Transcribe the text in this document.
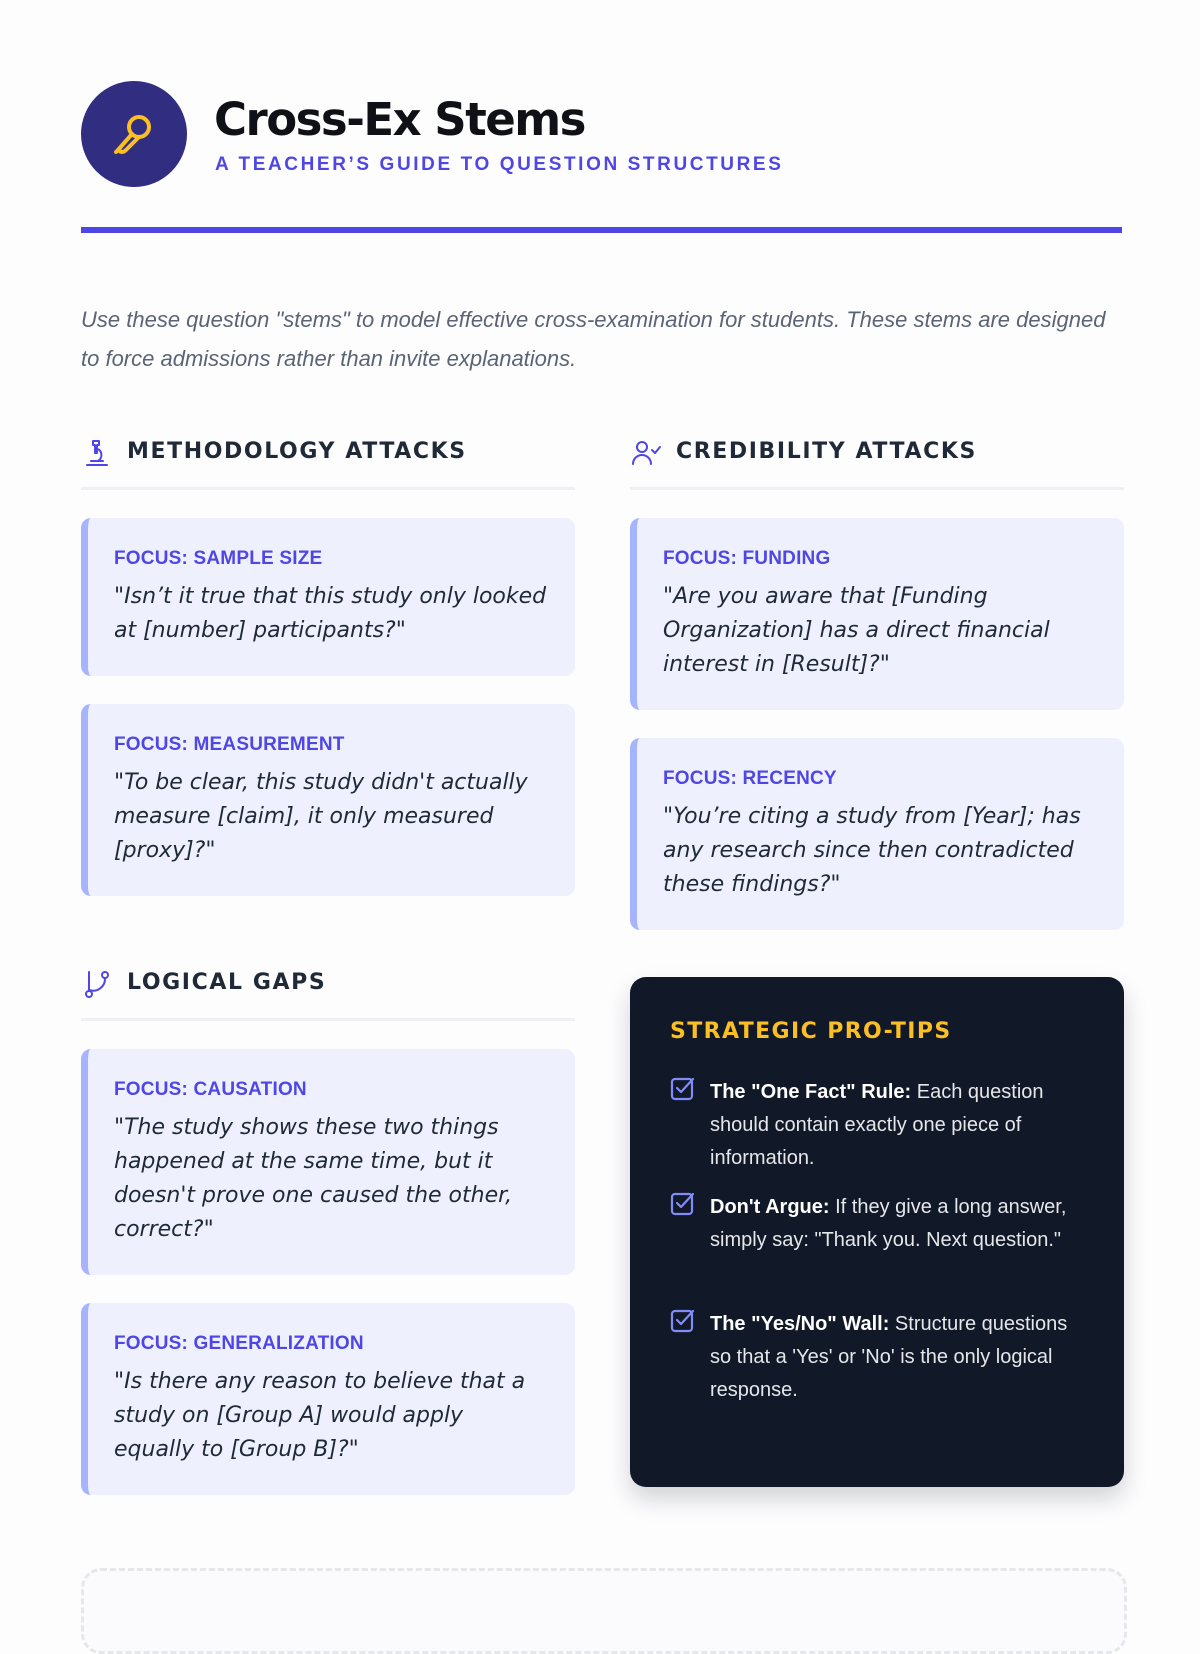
Cross-Ex Stems
A TEACHER’S GUIDE TO QUESTION STRUCTURES

Use these question "stems" to model effective cross-examination for students. These stems are designed to force admissions rather than invite explanations.

METHODOLOGY ATTACKS
FOCUS: SAMPLE SIZE
"Isn’t it true that this study only looked at [number] participants?"
FOCUS: MEASUREMENT
"To be clear, this study didn't actually measure [claim], it only measured [proxy]?"
CREDIBILITY ATTACKS
FOCUS: FUNDING
"Are you aware that [Funding Organization] has a direct financial interest in [Result]?"
FOCUS: RECENCY
"You’re citing a study from [Year]; has any research since then contradicted these findings?"
LOGICAL GAPS
FOCUS: CAUSATION
"The study shows these two things happened at the same time, but it doesn't prove one caused the other, correct?"
FOCUS: GENERALIZATION
"Is there any reason to believe that a study on [Group A] would apply equally to [Group B]?"
STRATEGIC PRO-TIPS
The "One Fact" Rule: Each question should contain exactly one piece of information.
Don't Argue: If they give a long answer, simply say: "Thank you. Next question."
The "Yes/No" Wall: Structure questions so that a 'Yes' or 'No' is the only logical response.
